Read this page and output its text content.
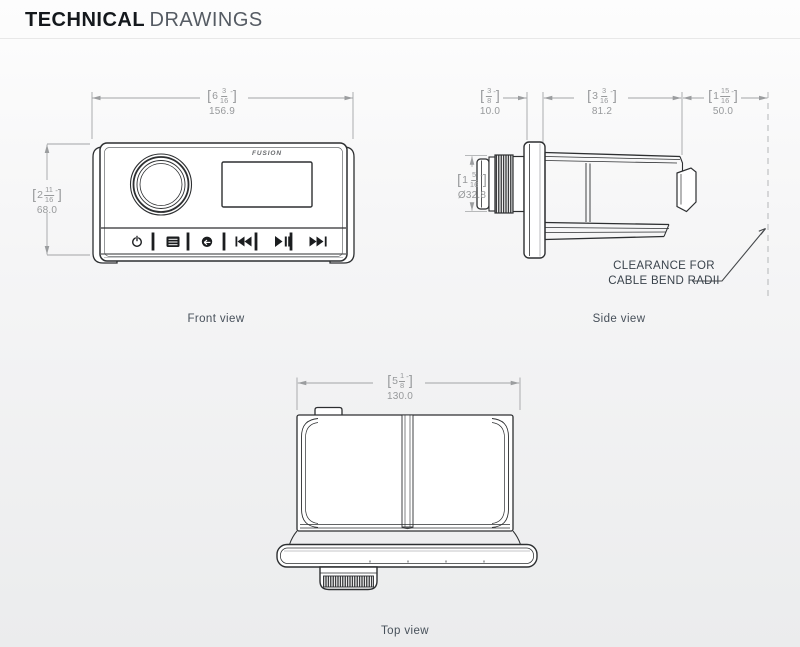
TECHNICAL DRAWINGS
FUSION
[ $6 \frac{3}{16}$ - ]
156.9
[ $2 \frac{11}{16}$ - ]
68.0
[ $\frac{3}{8}$ - ]
10.0
[ $3 \frac{3}{16}$ - ]
81.2
[ $1 \frac{15}{16}$ - ]
50.0
[ $1 \frac{5}{16}$ - ]
Ø32.8
[ $5 \frac{1}{8}$ - ]
130.0
CLEARANCE FOR
CABLE BEND RADII
Front view	Side view
Top view
